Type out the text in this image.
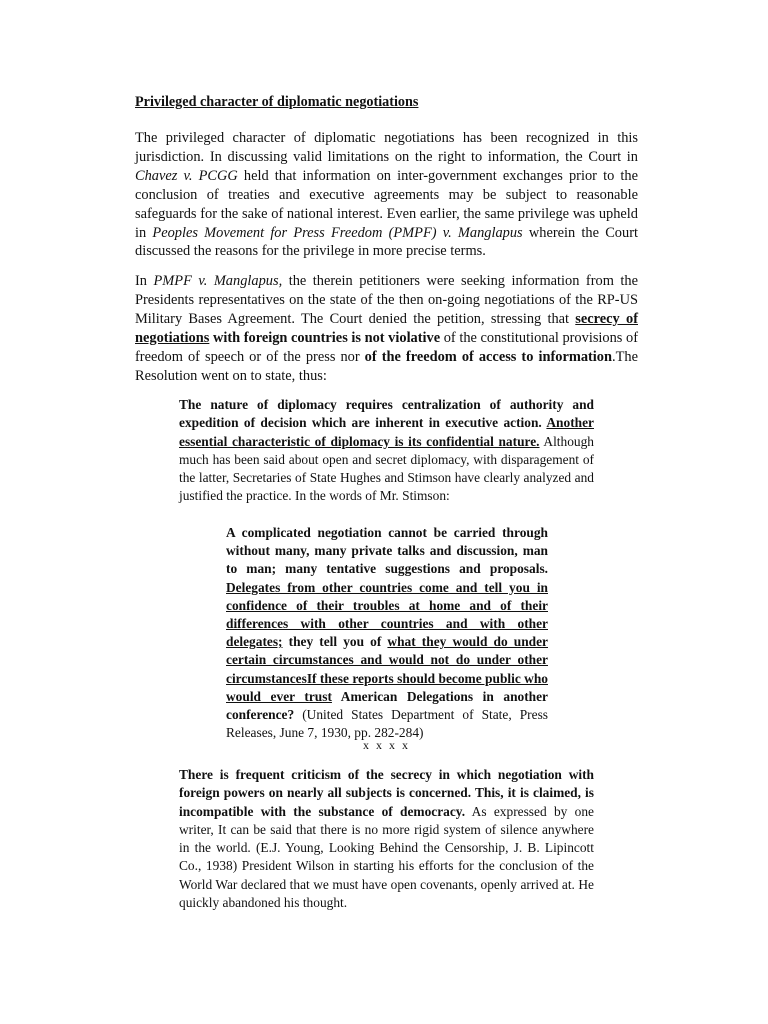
Privileged character of diplomatic negotiations
The privileged character of diplomatic negotiations has been recognized in this jurisdiction. In discussing valid limitations on the right to information, the Court in Chavez v. PCGG held that information on inter-government exchanges prior to the conclusion of treaties and executive agreements may be subject to reasonable safeguards for the sake of national interest. Even earlier, the same privilege was upheld in Peoples Movement for Press Freedom (PMPF) v. Manglapus wherein the Court discussed the reasons for the privilege in more precise terms.
In PMPF v. Manglapus, the therein petitioners were seeking information from the Presidents representatives on the state of the then on-going negotiations of the RP-US Military Bases Agreement. The Court denied the petition, stressing that secrecy of negotiations with foreign countries is not violative of the constitutional provisions of freedom of speech or of the press nor of the freedom of access to information.The Resolution went on to state, thus:
The nature of diplomacy requires centralization of authority and expedition of decision which are inherent in executive action. Another essential characteristic of diplomacy is its confidential nature. Although much has been said about open and secret diplomacy, with disparagement of the latter, Secretaries of State Hughes and Stimson have clearly analyzed and justified the practice. In the words of Mr. Stimson:
A complicated negotiation cannot be carried through without many, many private talks and discussion, man to man; many tentative suggestions and proposals. Delegates from other countries come and tell you in confidence of their troubles at home and of their differences with other countries and with other delegates; they tell you of what they would do under certain circumstances and would not do under other circumstancesIf these reports should become public who would ever trust American Delegations in another conference? (United States Department of State, Press Releases, June 7, 1930, pp. 282-284)
x x x x
There is frequent criticism of the secrecy in which negotiation with foreign powers on nearly all subjects is concerned. This, it is claimed, is incompatible with the substance of democracy. As expressed by one writer, It can be said that there is no more rigid system of silence anywhere in the world. (E.J. Young, Looking Behind the Censorship, J. B. Lipincott Co., 1938) President Wilson in starting his efforts for the conclusion of the World War declared that we must have open covenants, openly arrived at. He quickly abandoned his thought.
